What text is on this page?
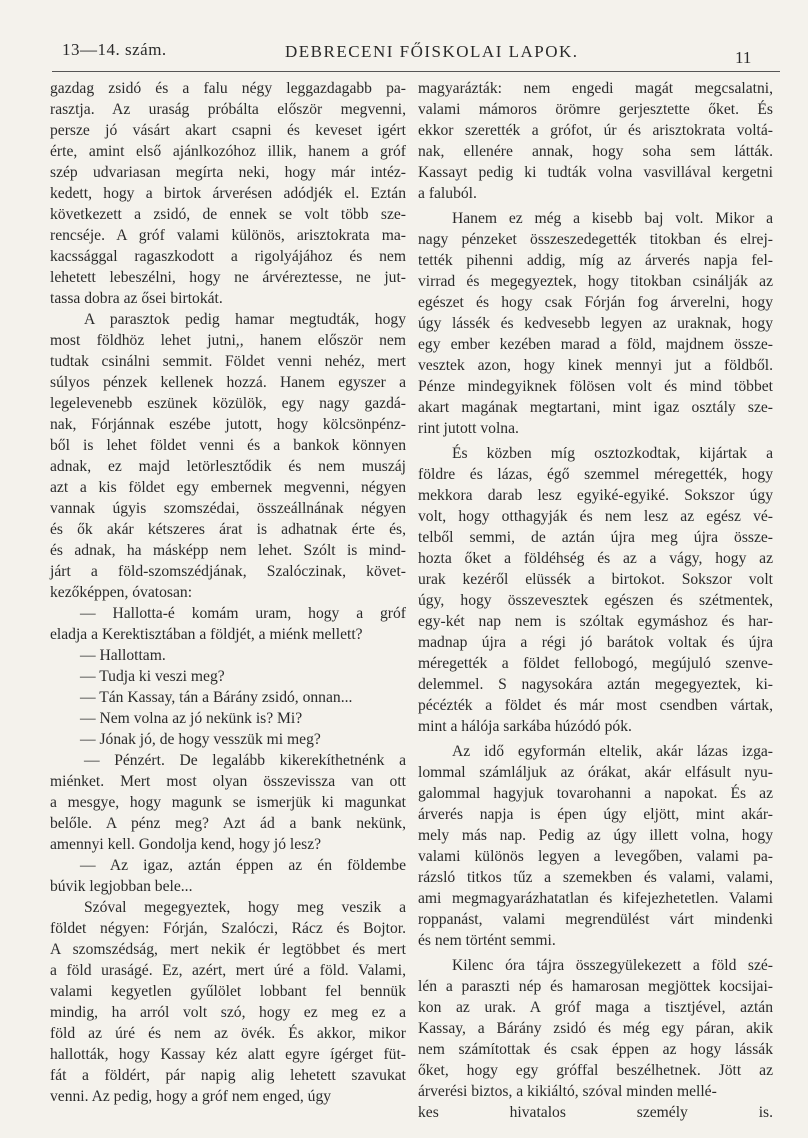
13—14. szám.	DEBRECENI FŐISKOLAI LAPOK.	11
gazdag zsidó és a falu négy leggazdagabb pa-
rasztja. Az uraság próbálta először megvenni,
persze jó vásárt akart csapni és keveset igért
érte, amint első ajánlkozóhoz illik, hanem a gróf
szép udvariasan megírta neki, hogy már intéz-
kedett, hogy a birtok árverésen adódjék el. Eztán
következett a zsidó, de ennek se volt több sze-
rencséje. A gróf valami különös, arisztokrata ma-
kacssággal ragaszkodott a rigolyájához és nem
lehetett lebeszélni, hogy ne árvéreztesse, ne jut-
tassa dobra az ősei birtokát.
A parasztok pedig hamar megtudták, hogy
most földhöz lehet jutni,, hanem először nem
tudtak csinálni semmit. Földet venni nehéz, mert
súlyos pénzek kellenek hozzá. Hanem egyszer a
legelevenebb eszünek közülök, egy nagy gazdá-
nak, Fórjánnak eszébe jutott, hogy kölcsönpénz-
ből is lehet földet venni és a bankok könnyen
adnak, ez majd letörlesztődik és nem muszáj
azt a kis földet egy embernek megvenni, négyen
vannak úgyis szomszédai, összeállnának négyen
és ők akár kétszeres árat is adhatnak érte és,
és adnak, ha másképp nem lehet. Szólt is mind-
járt a föld-szomszédjának, Szalóczinak, követ-
kezőképpen, óvatosan:
— Hallotta-é komám uram, hogy a gróf
eladja a Kerektisztában a földjét, a miénk mellett?
— Hallottam.
— Tudja ki veszi meg?
— Tán Kassay, tán a Bárány zsidó, onnan...
— Nem volna az jó nekünk is? Mi?
— Jónak jó, de hogy vesszük mi meg?
— Pénzért. De legalább kikerekíthetnénk a
miénket. Mert most olyan összevissza van ott
a mesgye, hogy magunk se ismerjük ki magunkat
belőle. A pénz meg? Azt ád a bank nekünk,
amennyi kell. Gondolja kend, hogy jó lesz?
— Az igaz, aztán éppen az én földembe
búvik legjobban bele...
Szóval megegyeztek, hogy meg veszik a
földet négyen: Fórján, Szalóczi, Rácz és Bojtor.
A szomszédság, mert nekik ér legtöbbet és mert
a föld uraságé. Ez, azért, mert úré a föld. Valami,
valami kegyetlen gyűlölet lobbant fel bennük
mindig, ha arról volt szó, hogy ez meg ez a
föld az úré és nem az övék. És akkor, mikor
hallották, hogy Kassay kéz alatt egyre ígérget füt-
fát a földért, pár napig alig lehetett szavukat
venni. Az pedig, hogy a gróf nem enged, úgy
magyarázták: nem engedi magát megcsalatni,
valami mámoros örömre gerjesztette őket. És
ekkor szerették a grófot, úr és arisztokrata voltá-
nak, ellenére annak, hogy soha sem látták.
Kassayt pedig ki tudták volna vasvillával kergetni
a faluból.
Hanem ez még a kisebb baj volt. Mikor a
nagy pénzeket összeszedegették titokban és elrej-
tették pihenni addig, míg az árverés napja fel-
virrad és megegyeztek, hogy titokban csinálják az
egészet és hogy csak Fórján fog árverelni, hogy
úgy lássék és kedvesebb legyen az uraknak, hogy
egy ember kezében marad a föld, majdnem össze-
vesztek azon, hogy kinek mennyi jut a földből.
Pénze mindegyiknek fölösen volt és mind többet
akart magának megtartani, mint igaz osztály sze-
rint jutott volna.
És közben míg osztozkodtak, kijártak a
földre és lázas, égő szemmel méregették, hogy
mekkora darab lesz egyiké-egyiké. Sokszor úgy
volt, hogy otthagyják és nem lesz az egész vé-
telből semmi, de aztán újra meg újra össze-
hozta őket a földéhség és az a vágy, hogy az
urak kezéről elüssék a birtokot. Sokszor volt
úgy, hogy összevesztek egészen és szétmentek,
egy-két nap nem is szóltak egymáshoz és har-
madnap újra a régi jó barátok voltak és újra
méregették a földet fellobogó, megújuló szenve-
delemmel. S nagysokára aztán megegyeztek, ki-
pécézték a földet és már most csendben vártak,
mint a hálója sarkába húzódó pók.
Az idő egyformán eltelik, akár lázas izga-
lommal számláljuk az órákat, akár elfásult nyu-
galommal hagyjuk tovarohanni a napokat. És az
árverés napja is épen úgy eljött, mint akár-
mely más nap. Pedig az úgy illett volna, hogy
valami különös legyen a levegőben, valami pa-
rázsló titkos tűz a szemekben és valami, valami,
ami megmagyarázhatatlan és kifejezhetetlen. Valami
roppanást, valami megrendülést várt mindenki
és nem történt semmi.
Kilenc óra tájra összegyülekezett a föld szé-
lén a paraszti nép és hamarosan megjöttek kocsijai-
kon az urak. A gróf maga a tisztjével, aztán
Kassay, a Bárány zsidó és még egy páran, akik
nem számítottak és csak éppen az hogy lássák
őket, hogy egy gróffal beszélhetnek. Jött az
árverési biztos, a kikiáltó, szóval minden mellé-
kes hivatalos személy is.
